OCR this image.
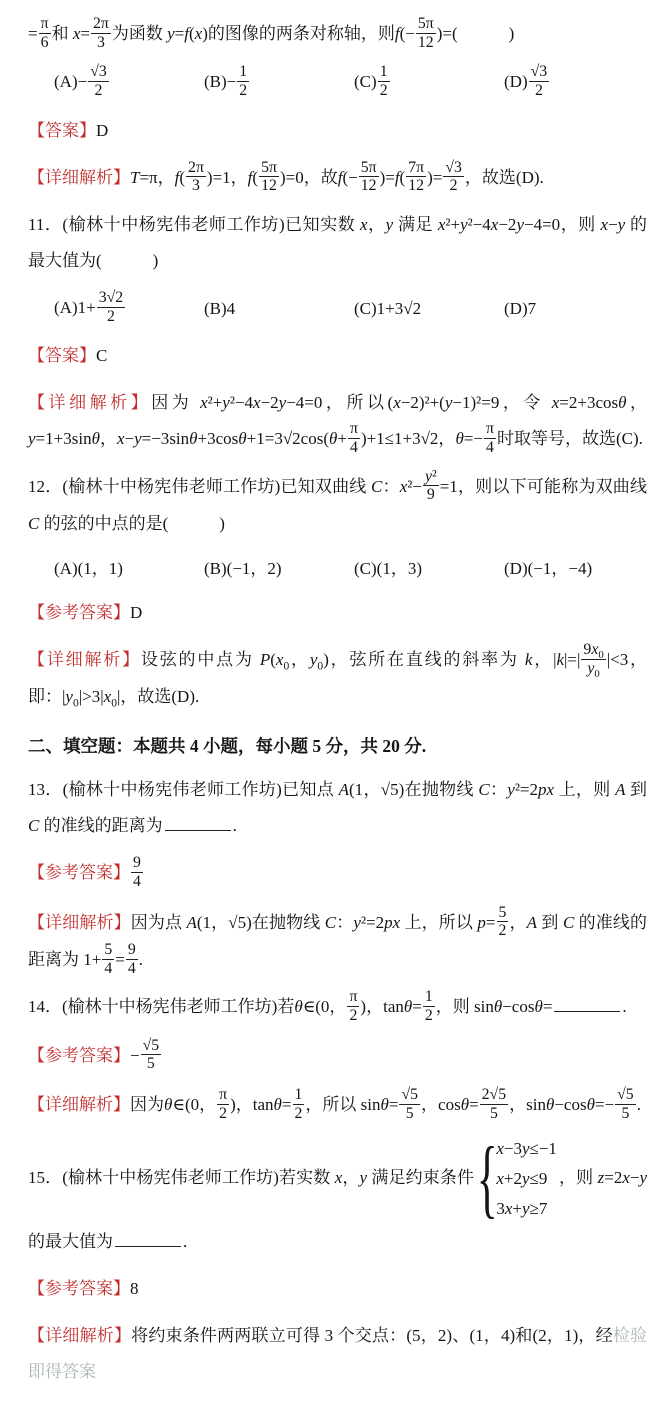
= $\frac{\pi}{6}$ 和 $x= \frac{2\pi}{3}$ 为函数 y=f(x)的图像的两条对称轴，则$f(- \frac{5\pi}{12}$ )=(　　　)
$(A)- \frac{√3}{2}$	$(B)- \frac{1}{2}$	$(C) \frac{1}{2}$	$(D) \frac{√3}{2}$
【答案】D
【详细解析】T=π，$f( \frac{2\pi}{3} )=1$，$f( \frac{5\pi}{12} )=0$，故$f(- \frac{5\pi}{12} )=f( \frac{7\pi}{12}$ )= $\frac{√3}{2}$ ，故选(D).
11．(榆林十中杨宪伟老师工作坊)已知实数 x，y 满足 x²+y²−4x−2y−4=0，则 x−y 的最大值为(　　　)
$(A)1+ \frac{3√2}{2}$	(B)4	(C)1+3√2	(D)7
【答案】C
【详细解析】因为 x²+y²−4x−2y−4=0，所以(x−2)²+(y−1)²=9，令 x=2+3cosθ，y=1+3sinθ，$x-y=-3\sin\theta+3\cos\theta+1=3√2\cos(\theta+ \frac{\pi}{4} )+1\le 1+3√2$，$\theta=- \frac{\pi}{4}$ 时取等号，故选(C).
12．(榆林十中杨宪伟老师工作坊)已知双曲线 C：$x^2- \frac{\text{y²}}{9} =1$，则以下可能称为双曲线 C 的弦的中点的是(　　　)
(A)(1，1)	(B)(−1，2)	(C)(1，3)	(D)(−1，−4)
【参考答案】D
【详细解析】设弦的中点为 $P(x_0$，$y_0$)，弦所在直线的斜率为 k，$|k|=| \frac{9x_0}{y_0} |<3$，即：$|y_0|>3|x_0|$，故选(D).
二、填空题：本题共 4 小题，每小题 5 分，共 20 分.
13．(榆林十中杨宪伟老师工作坊)已知点 A(1，√5)在抛物线 C：y²=2px 上，则 A 到 C 的准线的距离为	.
【参考答案】 $\frac{9}{4}$
【详细解析】因为点 A(1，√5)在抛物线 C：y²=2px 上，所以 $p= \frac{5}{2}$ ，A 到 C 的准线的距离为 $1+ \frac{5}{4} = \frac{9}{4}$ .
14．(榆林十中杨宪伟老师工作坊)若θ∈(0， $\frac{\pi}{2}$ )，$\tan\theta= \frac{1}{2}$ ，则 sinθ−cosθ=	.
【参考答案】− $\frac{√5}{5}$
【详细解析】因为θ∈(0， $\frac{\pi}{2}$ )，$\tan\theta= \frac{1}{2}$ ，所以 $\sin\theta= \frac{√5}{5}$ ，$\cos\theta= \frac{2√5}{5}$ ，$\sin\theta-\cos\theta=- \frac{√5}{5}$ .
15．(榆林十中杨宪伟老师工作坊)若实数 x，y 满足约束条件 {
x−3y≤−1
x+2y≤9
3x+y≥7
，则 z=2x−y 的最大值为	.
【参考答案】8
【详细解析】将约束条件两两联立可得 3 个交点：(5，2)、(1，4)和(2，1)，经检验即得答案
